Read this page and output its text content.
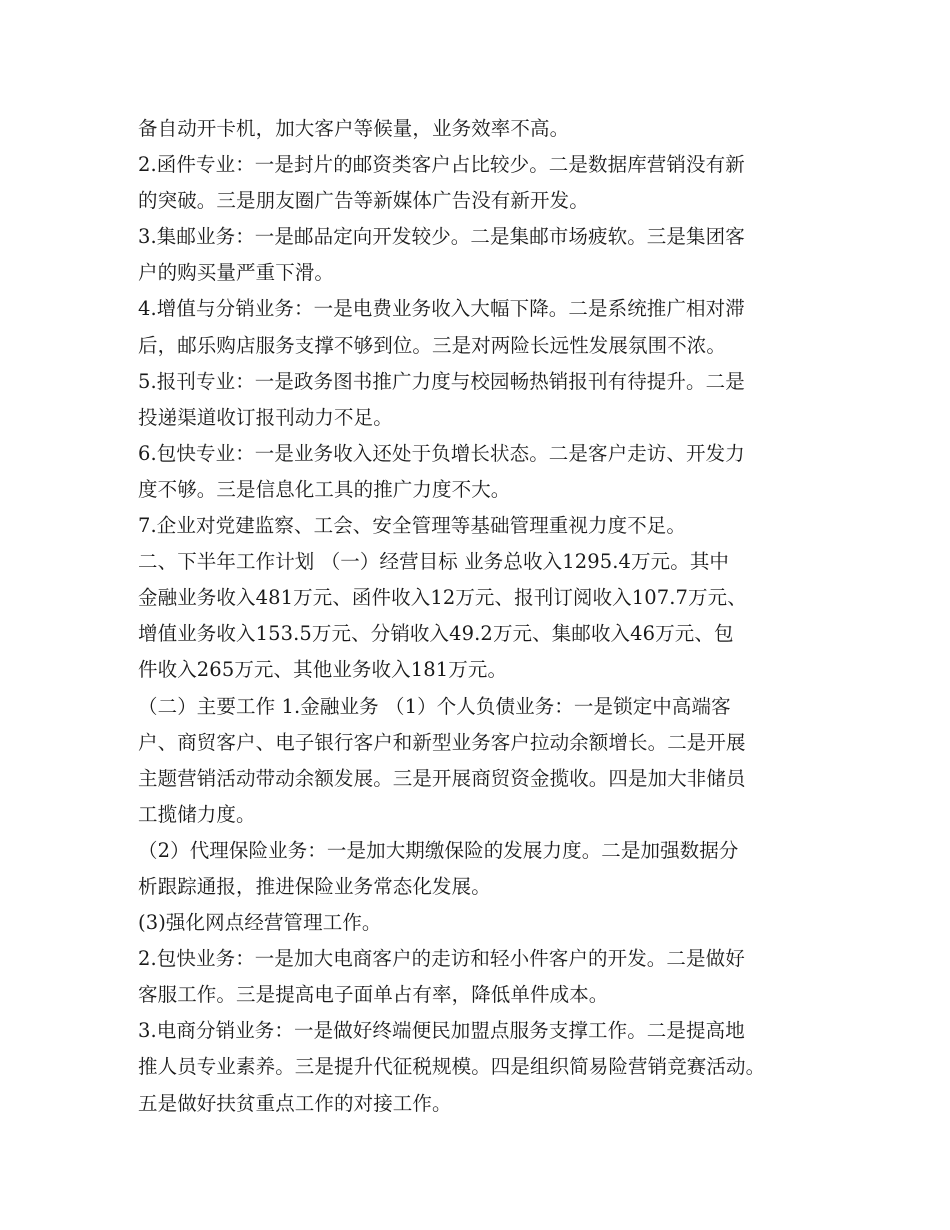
备自动开卡机，加大客户等候量，业务效率不高。
2.函件专业：一是封片的邮资类客户占比较少。二是数据库营销没有新
的突破。三是朋友圈广告等新媒体广告没有新开发。
3.集邮业务：一是邮品定向开发较少。二是集邮市场疲软。三是集团客
户的购买量严重下滑。
4.增值与分销业务：一是电费业务收入大幅下降。二是系统推广相对滞
后，邮乐购店服务支撑不够到位。三是对两险长远性发展氛围不浓。
5.报刊专业：一是政务图书推广力度与校园畅热销报刊有待提升。二是
投递渠道收订报刊动力不足。
6.包快专业：一是业务收入还处于负增长状态。二是客户走访、开发力
度不够。三是信息化工具的推广力度不大。
7.企业对党建监察、工会、安全管理等基础管理重视力度不足。
二、下半年工作计划 （一）经营目标 业务总收入1295.4万元。其中
金融业务收入481万元、函件收入12万元、报刊订阅收入107.7万元、
增值业务收入153.5万元、分销收入49.2万元、集邮收入46万元、包
件收入265万元、其他业务收入181万元。
（二）主要工作 1.金融业务 （1）个人负债业务：一是锁定中高端客
户、商贸客户、电子银行客户和新型业务客户拉动余额增长。二是开展
主题营销活动带动余额发展。三是开展商贸资金揽收。四是加大非储员
工揽储力度。
（2）代理保险业务：一是加大期缴保险的发展力度。二是加强数据分
析跟踪通报，推进保险业务常态化发展。
(3)强化网点经营管理工作。
2.包快业务：一是加大电商客户的走访和轻小件客户的开发。二是做好
客服工作。三是提高电子面单占有率，降低单件成本。
3.电商分销业务：一是做好终端便民加盟点服务支撑工作。二是提高地
推人员专业素养。三是提升代征税规模。四是组织简易险营销竞赛活动。
五是做好扶贫重点工作的对接工作。
